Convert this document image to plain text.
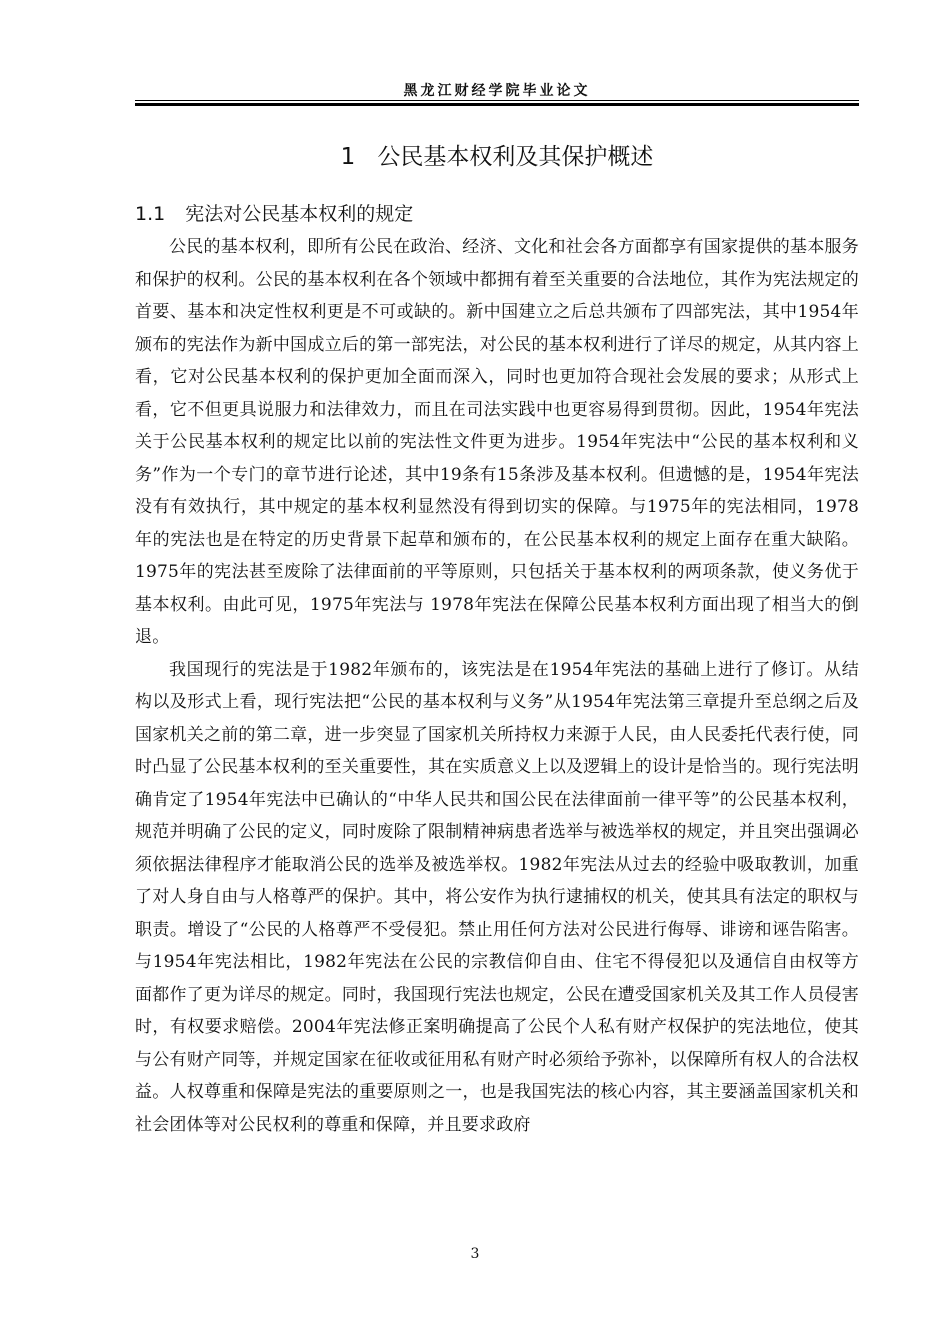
黑龙江财经学院毕业论文
1 公民基本权利及其保护概述
1.1 宪法对公民基本权利的规定

公民的基本权利，即所有公民在政治、经济、文化和社会各方面都享有国家提供的基本服务和保护的权利。公民的基本权利在各个领域中都拥有着至关重要的合法地位，其作为宪法规定的首要、基本和决定性权利更是不可或缺的。新中国建立之后总共颁布了四部宪法，其中1954年颁布的宪法作为新中国成立后的第一部宪法，对公民的基本权利进行了详尽的规定，从其内容上看，它对公民基本权利的保护更加全面而深入，同时也更加符合现社会发展的要求；从形式上看，它不但更具说服力和法律效力，而且在司法实践中也更容易得到贯彻。因此，1954年宪法关于公民基本权利的规定比以前的宪法性文件更为进步。1954年宪法中“公民的基本权利和义务”作为一个专门的章节进行论述，其中19条有15条涉及基本权利。但遗憾的是，1954年宪法没有有效执行，其中规定的基本权利显然没有得到切实的保障。与1975年的宪法相同，1978年的宪法也是在特定的历史背景下起草和颁布的，在公民基本权利的规定上面存在重大缺陷。1975年的宪法甚至废除了法律面前的平等原则，只包括关于基本权利的两项条款，使义务优于基本权利。由此可见，1975年宪法与 1978年宪法在保障公民基本权利方面出现了相当大的倒退。

我国现行的宪法是于1982年颁布的，该宪法是在1954年宪法的基础上进行了修订。从结构以及形式上看，现行宪法把“公民的基本权利与义务”从1954年宪法第三章提升至总纲之后及国家机关之前的第二章，进一步突显了国家机关所持权力来源于人民，由人民委托代表行使，同时凸显了公民基本权利的至关重要性，其在实质意义上以及逻辑上的设计是恰当的。现行宪法明确肯定了1954年宪法中已确认的“中华人民共和国公民在法律面前一律平等”的公民基本权利，规范并明确了公民的定义，同时废除了限制精神病患者选举与被选举权的规定，并且突出强调必须依据法律程序才能取消公民的选举及被选举权。1982年宪法从过去的经验中吸取教训，加重了对人身自由与人格尊严的保护。其中，将公安作为执行逮捕权的机关，使其具有法定的职权与职责。增设了“公民的人格尊严不受侵犯。禁止用任何方法对公民进行侮辱、诽谤和诬告陷害。与1954年宪法相比，1982年宪法在公民的宗教信仰自由、住宅不得侵犯以及通信自由权等方面都作了更为详尽的规定。同时，我国现行宪法也规定，公民在遭受国家机关及其工作人员侵害时，有权要求赔偿。2004年宪法修正案明确提高了公民个人私有财产权保护的宪法地位，使其与公有财产同等，并规定国家在征收或征用私有财产时必须给予弥补，以保障所有权人的合法权益。人权尊重和保障是宪法的重要原则之一，也是我国宪法的核心内容，其主要涵盖国家机关和社会团体等对公民权利的尊重和保障，并且要求政府

3
